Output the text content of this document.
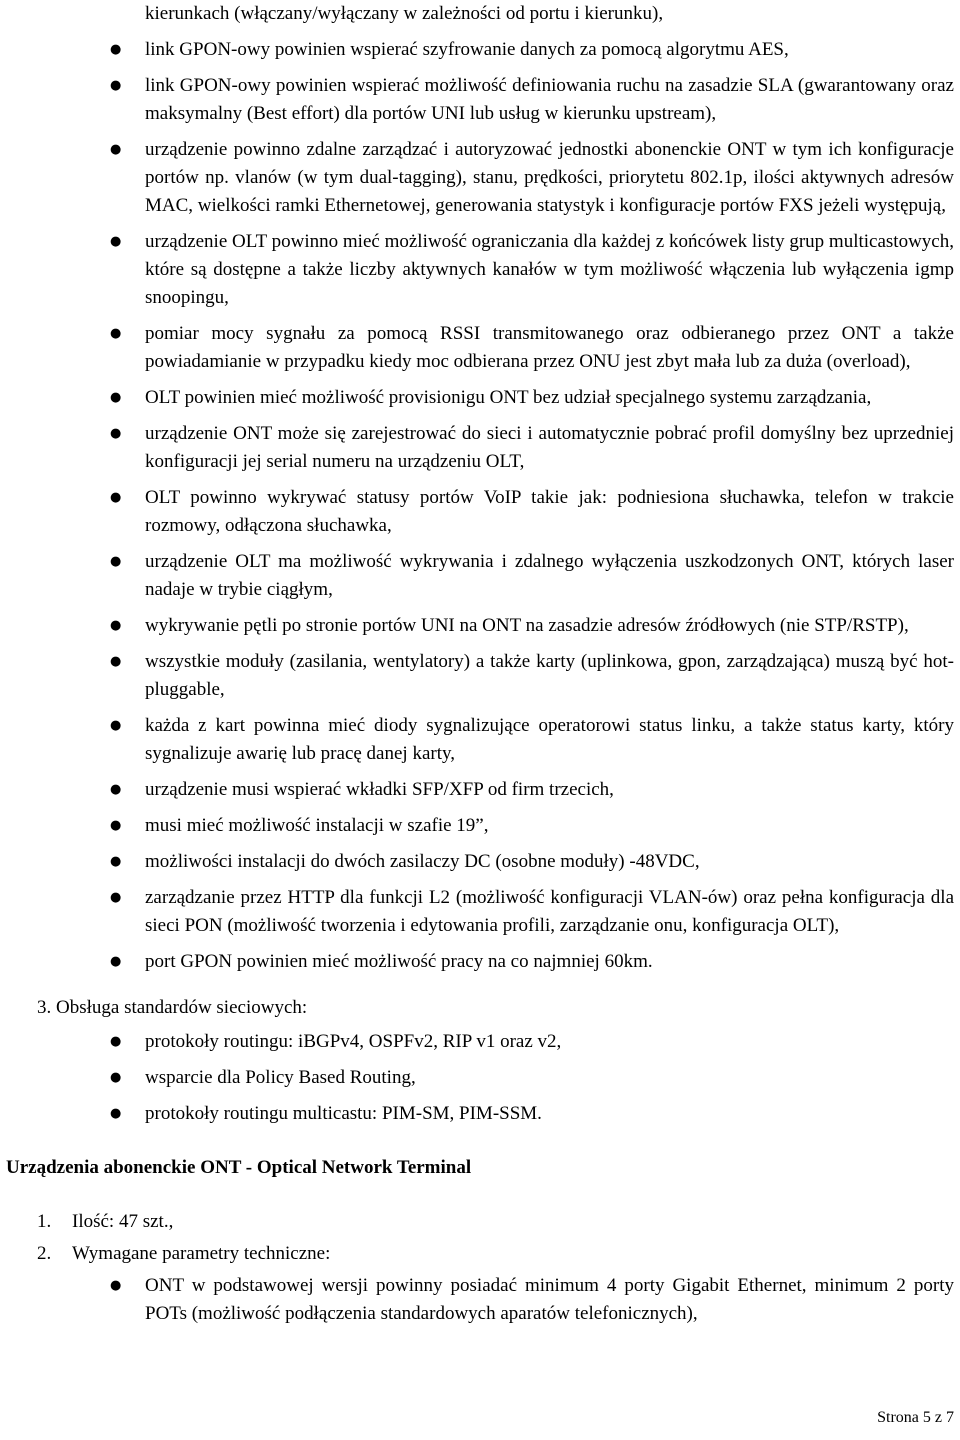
kierunkach (włączany/wyłączany w zależności od portu i kierunku),
● link GPON-owy powinien wspierać szyfrowanie danych za pomocą algorytmu AES,
● link GPON-owy powinien wspierać możliwość definiowania ruchu na zasadzie SLA (gwarantowany oraz maksymalny (Best effort) dla portów UNI lub usług w kierunku upstream),
● urządzenie powinno zdalne zarządzać i autoryzować jednostki abonenckie ONT w tym ich konfiguracje portów np. vlanów (w tym dual-tagging), stanu, prędkości, priorytetu 802.1p, ilości aktywnych adresów MAC, wielkości ramki Ethernetowej, generowania statystyk i konfiguracje portów FXS jeżeli występują,
● urządzenie OLT powinno mieć możliwość ograniczania dla każdej z końcówek listy grup multicastowych, które są dostępne a także liczby aktywnych kanałów w tym możliwość włączenia lub wyłączenia igmp snoopingu,
● pomiar mocy sygnału za pomocą RSSI transmitowanego oraz odbieranego przez ONT a także powiadamianie w przypadku kiedy moc odbierana przez ONU jest zbyt mała lub za duża (overload),
● OLT powinien mieć możliwość provisionigu ONT bez udział specjalnego systemu zarządzania,
● urządzenie ONT może się zarejestrować do sieci i automatycznie pobrać profil domyślny bez uprzedniej konfiguracji jej serial numeru na urządzeniu OLT,
● OLT powinno wykrywać statusy portów VoIP takie jak: podniesiona słuchawka, telefon w trakcie rozmowy, odłączona słuchawka,
● urządzenie OLT ma możliwość wykrywania i zdalnego wyłączenia uszkodzonych ONT, których laser nadaje w trybie ciągłym,
● wykrywanie pętli po stronie portów UNI na ONT na zasadzie adresów źródłowych (nie STP/RSTP),
● wszystkie moduły (zasilania, wentylatory) a także karty (uplinkowa, gpon, zarządzająca) muszą być hot-pluggable,
● każda z kart powinna mieć diody sygnalizujące operatorowi status linku, a także status karty, który sygnalizuje awarię lub pracę danej karty,
● urządzenie musi wspierać wkładki SFP/XFP od firm trzecich,
● musi mieć możliwość instalacji w szafie 19”,
● możliwości instalacji do dwóch zasilaczy DC (osobne moduły) -48VDC,
● zarządzanie przez HTTP dla funkcji L2 (możliwość konfiguracji VLAN-ów) oraz pełna konfiguracja dla sieci PON (możliwość tworzenia i edytowania profili, zarządzanie onu, konfiguracja OLT),
● port GPON powinien mieć możliwość pracy na co najmniej 60km.
3. Obsługa standardów sieciowych:
● protokoły routingu: iBGPv4, OSPFv2, RIP v1 oraz v2,
● wsparcie dla Policy Based Routing,
● protokoły routingu multicastu: PIM-SM, PIM-SSM.
Urządzenia abonenckie ONT - Optical Network Terminal
1. Ilość: 47 szt.,
2. Wymagane parametry techniczne:
● ONT w podstawowej wersji powinny posiadać minimum 4 porty Gigabit Ethernet, minimum 2 porty POTs (możliwość podłączenia standardowych aparatów telefonicznych),
Strona 5 z 7
